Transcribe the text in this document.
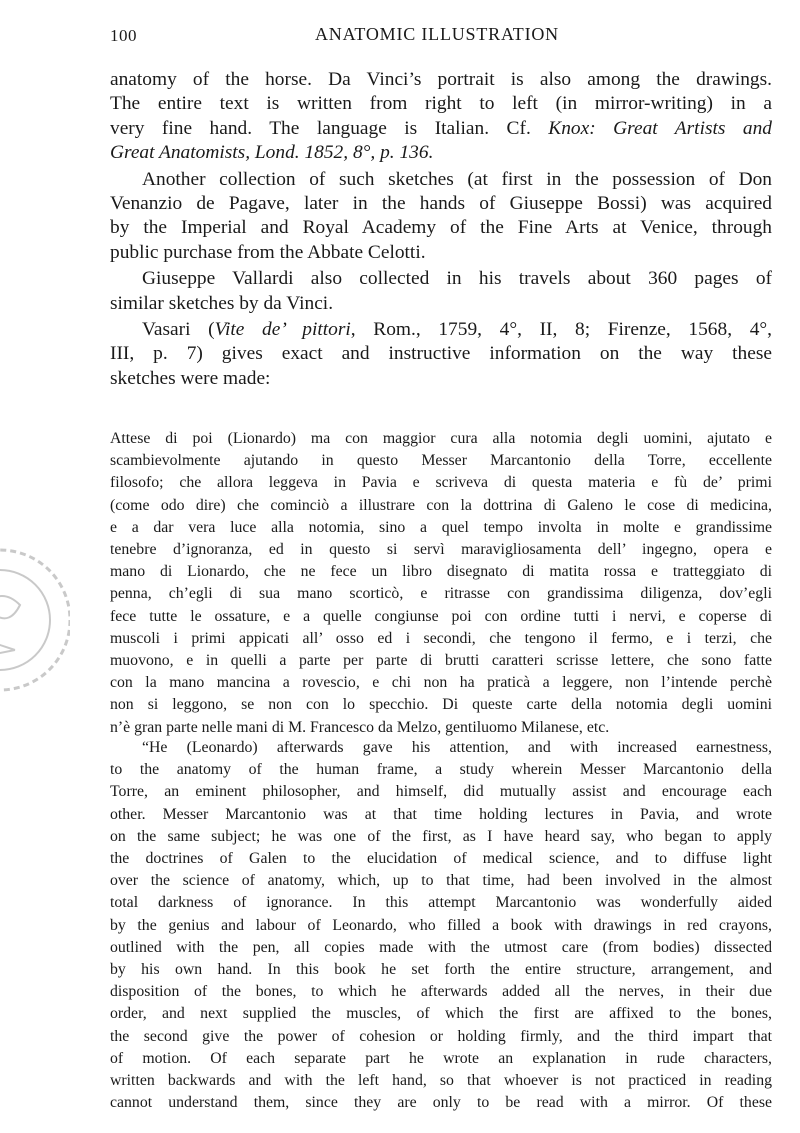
100	ANATOMIC ILLUSTRATION
anatomy of the horse. Da Vinci’s portrait is also among the drawings.
The entire text is written from right to left (in mirror-writing) in a
very fine hand. The language is Italian. Cf. Knox: Great Artists and
Great Anatomists, Lond. 1852, 8°, p. 136.
Another collection of such sketches (at first in the possession of Don
Venanzio de Pagave, later in the hands of Giuseppe Bossi) was acquired
by the Imperial and Royal Academy of the Fine Arts at Venice, through
public purchase from the Abbate Celotti.
Giuseppe Vallardi also collected in his travels about 360 pages of
similar sketches by da Vinci.
Vasari (Vite de’ pittori, Rom., 1759, 4°, II, 8; Firenze, 1568, 4°,
III, p. 7) gives exact and instructive information on the way these
sketches were made:
Attese di poi (Lionardo) ma con maggior cura alla notomia degli uomini, ajutato e
scambievolmente ajutando in questo Messer Marcantonio della Torre, eccellente
filosofo; che allora leggeva in Pavia e scriveva di questa materia e fù de’ primi
(come odo dire) che cominciò a illustrare con la dottrina di Galeno le cose di medicina,
e a dar vera luce alla notomia, sino a quel tempo involta in molte e grandissime
tenebre d’ignoranza, ed in questo si servì maravigliosamenta dell’ ingegno, opera e
mano di Lionardo, che ne fece un libro disegnato di matita rossa e tratteggiato di
penna, ch’egli di sua mano scorticò, e ritrasse con grandissima diligenza, dov’egli
fece tutte le ossature, e a quelle congiunse poi con ordine tutti i nervi, e coperse di
muscoli i primi appicati all’ osso ed i secondi, che tengono il fermo, e i terzi, che
muovono, e in quelli a parte per parte di brutti caratteri scrisse lettere, che sono fatte
con la mano mancina a rovescio, e chi non ha praticà a leggere, non l’intende perchè
non si leggono, se non con lo specchio. Di queste carte della notomia degli uomini
n’è gran parte nelle mani di M. Francesco da Melzo, gentiluomo Milanese, etc.
“He (Leonardo) afterwards gave his attention, and with increased earnestness,
to the anatomy of the human frame, a study wherein Messer Marcantonio della
Torre, an eminent philosopher, and himself, did mutually assist and encourage each
other. Messer Marcantonio was at that time holding lectures in Pavia, and wrote
on the same subject; he was one of the first, as I have heard say, who began to apply
the doctrines of Galen to the elucidation of medical science, and to diffuse light
over the science of anatomy, which, up to that time, had been involved in the almost
total darkness of ignorance. In this attempt Marcantonio was wonderfully aided
by the genius and labour of Leonardo, who filled a book with drawings in red crayons,
outlined with the pen, all copies made with the utmost care (from bodies) dissected
by his own hand. In this book he set forth the entire structure, arrangement, and
disposition of the bones, to which he afterwards added all the nerves, in their due
order, and next supplied the muscles, of which the first are affixed to the bones,
the second give the power of cohesion or holding firmly, and the third impart that
of motion. Of each separate part he wrote an explanation in rude characters,
written backwards and with the left hand, so that whoever is not practiced in reading
cannot understand them, since they are only to be read with a mirror. Of these
